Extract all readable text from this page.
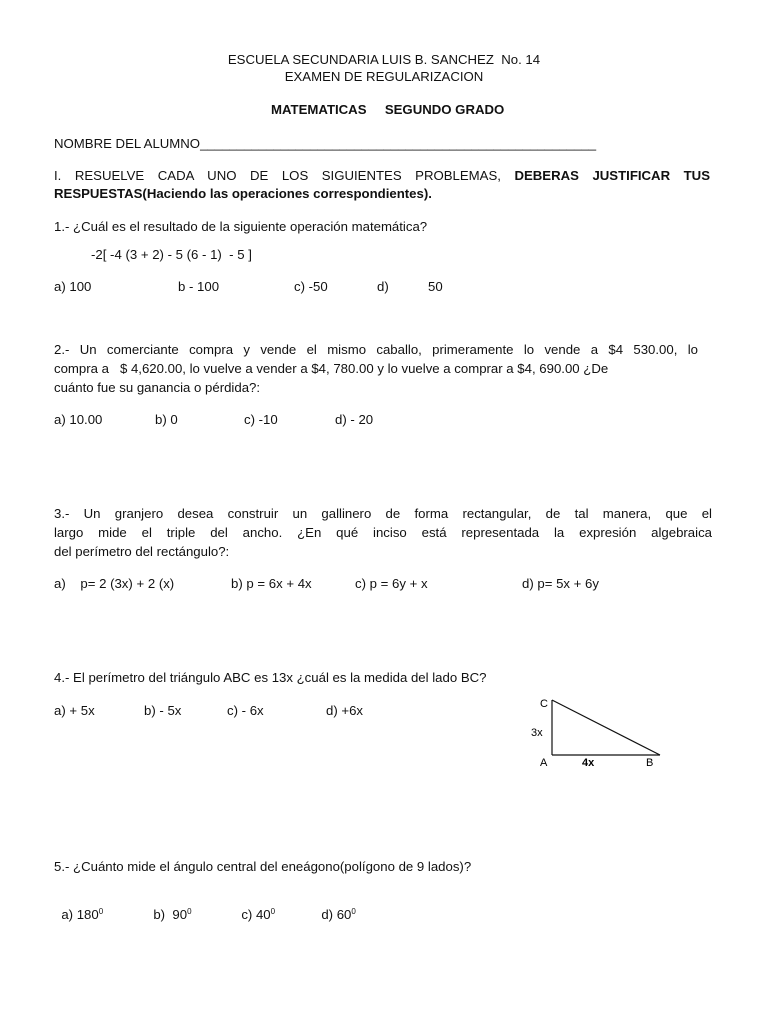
ESCUELA SECUNDARIA LUIS B. SANCHEZ  No. 14
EXAMEN DE REGULARIZACION

MATEMATICAS SEGUNDO GRADO

NOMBRE DEL ALUMNO______________________________________________________
I. RESUELVE CADA UNO DE LOS SIGUIENTES PROBLEMAS, DEBERAS JUSTIFICAR TUS
RESPUESTAS(Haciendo las operaciones correspondientes).
1.- ¿Cuál es el resultado de la siguiente operación matemática?
-2[ -4 (3 + 2) - 5 (6 - 1)  - 5 ]
a) 100	b - 100	c) -50	d)	50
2.- Un comerciante compra y vende el mismo caballo, primeramente lo vende a $4 530.00, lo
compra a   $ 4,620.00, lo vuelve a vender a $4, 780.00 y lo vuelve a comprar a $4, 690.00 ¿De
cuánto fue su ganancia o pérdida?:
a) 10.00	b) 0	c) -10	d) - 20
3.- Un granjero desea construir un gallinero de forma rectangular, de tal manera, que el
largo mide el triple del ancho. ¿En qué inciso está representada la expresión algebraica
del perímetro del rectángulo?:
a)    p= 2 (3x) + 2 (x)	b) p = 6x + 4x	c) p = 6y + x	d) p= 5x + 6y
4.- El perímetro del triángulo ABC es 13x ¿cuál es la medida del lado BC?
a) + 5x	b) - 5x	c) - 6x	d) +6x	C
3x
A	4x	B
5.- ¿Cuánto mide el ángulo central del eneágono(polígono de 9 lados)?

a) $180^0$	b)  $90^0$	c) $40^0$	d) $60^0$
